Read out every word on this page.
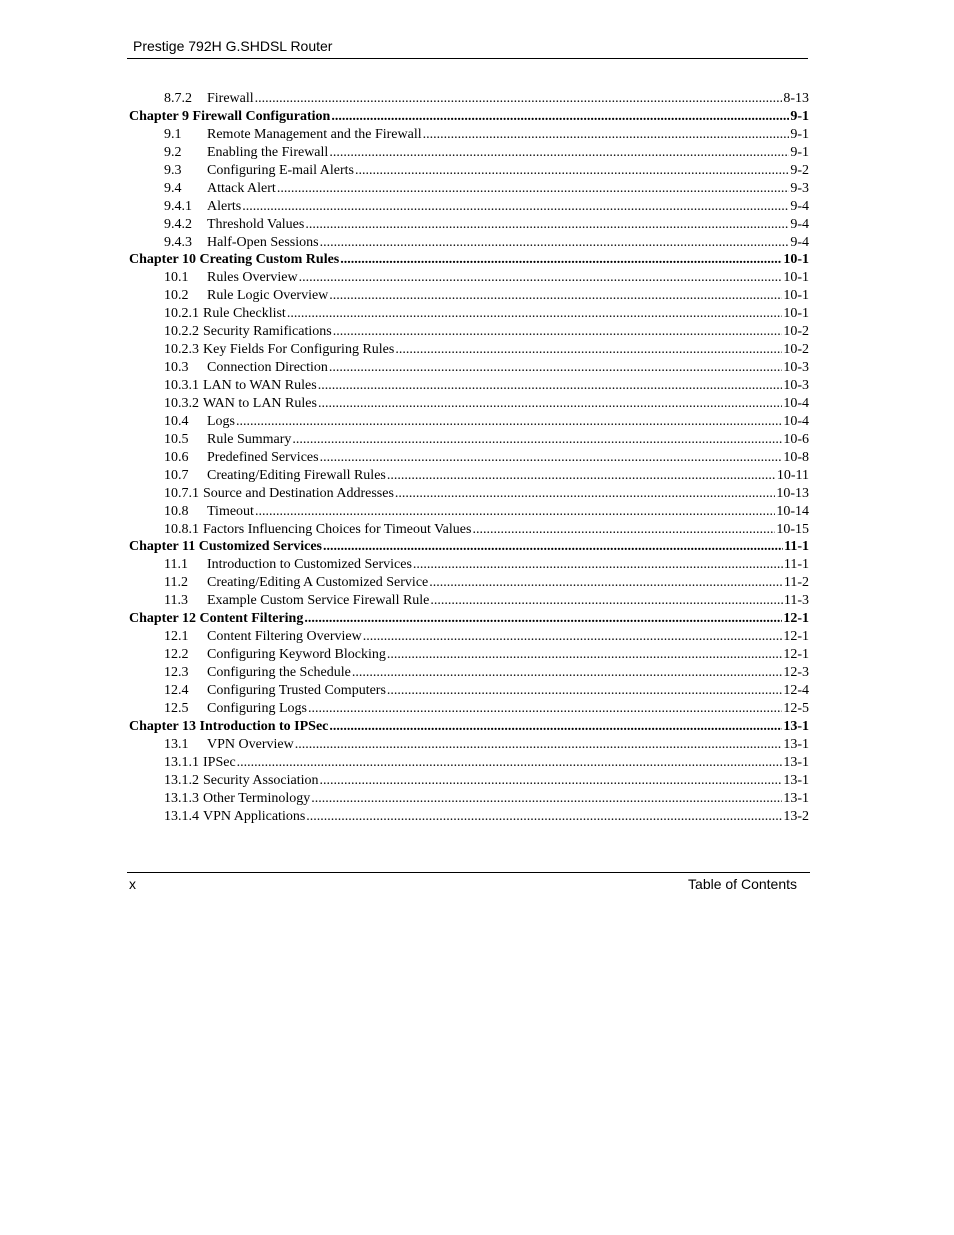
Prestige 792H G.SHDSL Router
8.7.2	Firewall .....	8-13
Chapter 9 Firewall Configuration .....	9-1
9.1	Remote Management and the Firewall .....	9-1
9.2	Enabling the Firewall .....	9-1
9.3	Configuring E-mail Alerts .....	9-2
9.4	Attack Alert .....	9-3
9.4.1	Alerts .....	9-4
9.4.2	Threshold Values .....	9-4
9.4.3	Half-Open Sessions .....	9-4
Chapter 10 Creating Custom Rules .....	10-1
10.1	Rules Overview .....	10-1
10.2	Rule Logic Overview .....	10-1
10.2.1 Rule Checklist .....	10-1
10.2.2 Security Ramifications .....	10-2
10.2.3 Key Fields For Configuring Rules .....	10-2
10.3	Connection Direction .....	10-3
10.3.1 LAN to WAN Rules .....	10-3
10.3.2 WAN to LAN Rules .....	10-4
10.4	Logs .....	10-4
10.5	Rule Summary .....	10-6
10.6	Predefined Services .....	10-8
10.7	Creating/Editing Firewall Rules .....	10-11
10.7.1 Source and Destination Addresses .....	10-13
10.8	Timeout .....	10-14
10.8.1 Factors Influencing Choices for Timeout Values .....	10-15
Chapter 11 Customized Services .....	11-1
11.1	Introduction to Customized Services .....	11-1
11.2	Creating/Editing A Customized Service .....	11-2
11.3	Example Custom Service Firewall Rule .....	11-3
Chapter 12 Content Filtering .....	12-1
12.1	Content Filtering Overview .....	12-1
12.2	Configuring Keyword Blocking .....	12-1
12.3	Configuring the Schedule .....	12-3
12.4	Configuring Trusted Computers .....	12-4
12.5	Configuring Logs .....	12-5
Chapter 13 Introduction to IPSec .....	13-1
13.1	VPN Overview .....	13-1
13.1.1 IPSec .....	13-1
13.1.2 Security Association .....	13-1
13.1.3 Other Terminology .....	13-1
13.1.4 VPN Applications .....	13-2
x	Table of Contents
